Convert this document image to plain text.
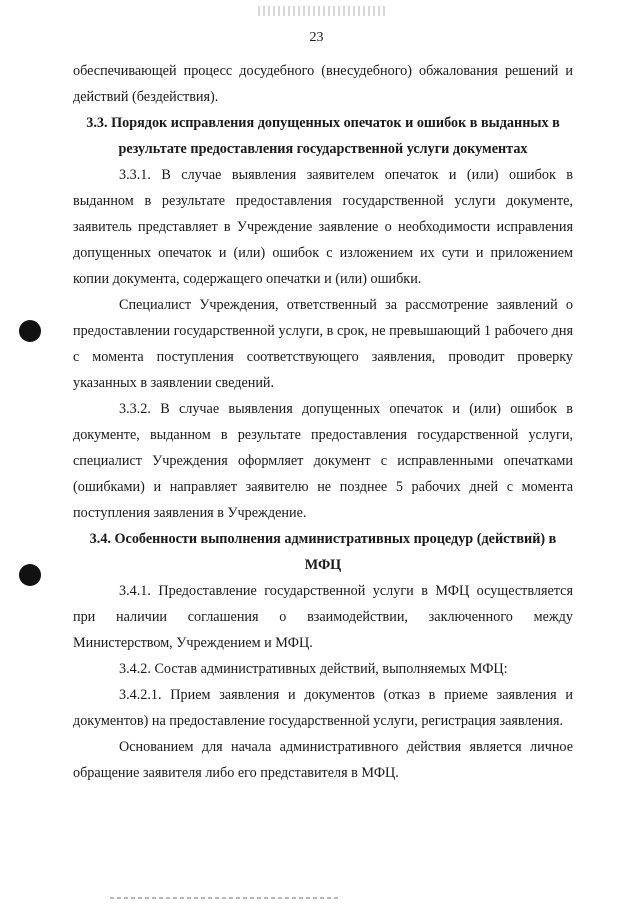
23

обеспечивающей процесс досудебного (внесудебного) обжалования решений и действий (бездействия).

3.3. Порядок исправления допущенных опечаток и ошибок в выданных в результате предоставления государственной услуги документах

3.3.1. В случае выявления заявителем опечаток и (или) ошибок в выданном в результате предоставления государственной услуги документе, заявитель представляет в Учреждение заявление о необходимости исправления допущенных опечаток и (или) ошибок с изложением их сути и приложением копии документа, содержащего опечатки и (или) ошибки.

Специалист Учреждения, ответственный за рассмотрение заявлений о предоставлении государственной услуги, в срок, не превышающий 1 рабочего дня с момента поступления соответствующего заявления, проводит проверку указанных в заявлении сведений.

3.3.2. В случае выявления допущенных опечаток и (или) ошибок в документе, выданном в результате предоставления государственной услуги, специалист Учреждения оформляет документ с исправленными опечатками (ошибками) и направляет заявителю не позднее 5 рабочих дней с момента поступления заявления в Учреждение.

3.4. Особенности выполнения административных процедур (действий) в МФЦ

3.4.1. Предоставление государственной услуги в МФЦ осуществляется при наличии соглашения о взаимодействии, заключенного между Министерством, Учреждением и МФЦ.

3.4.2. Состав административных действий, выполняемых МФЦ:

3.4.2.1. Прием заявления и документов (отказ в приеме заявления и документов) на предоставление государственной услуги, регистрация заявления.

Основанием для начала административного действия является личное обращение заявителя либо его представителя в МФЦ.
